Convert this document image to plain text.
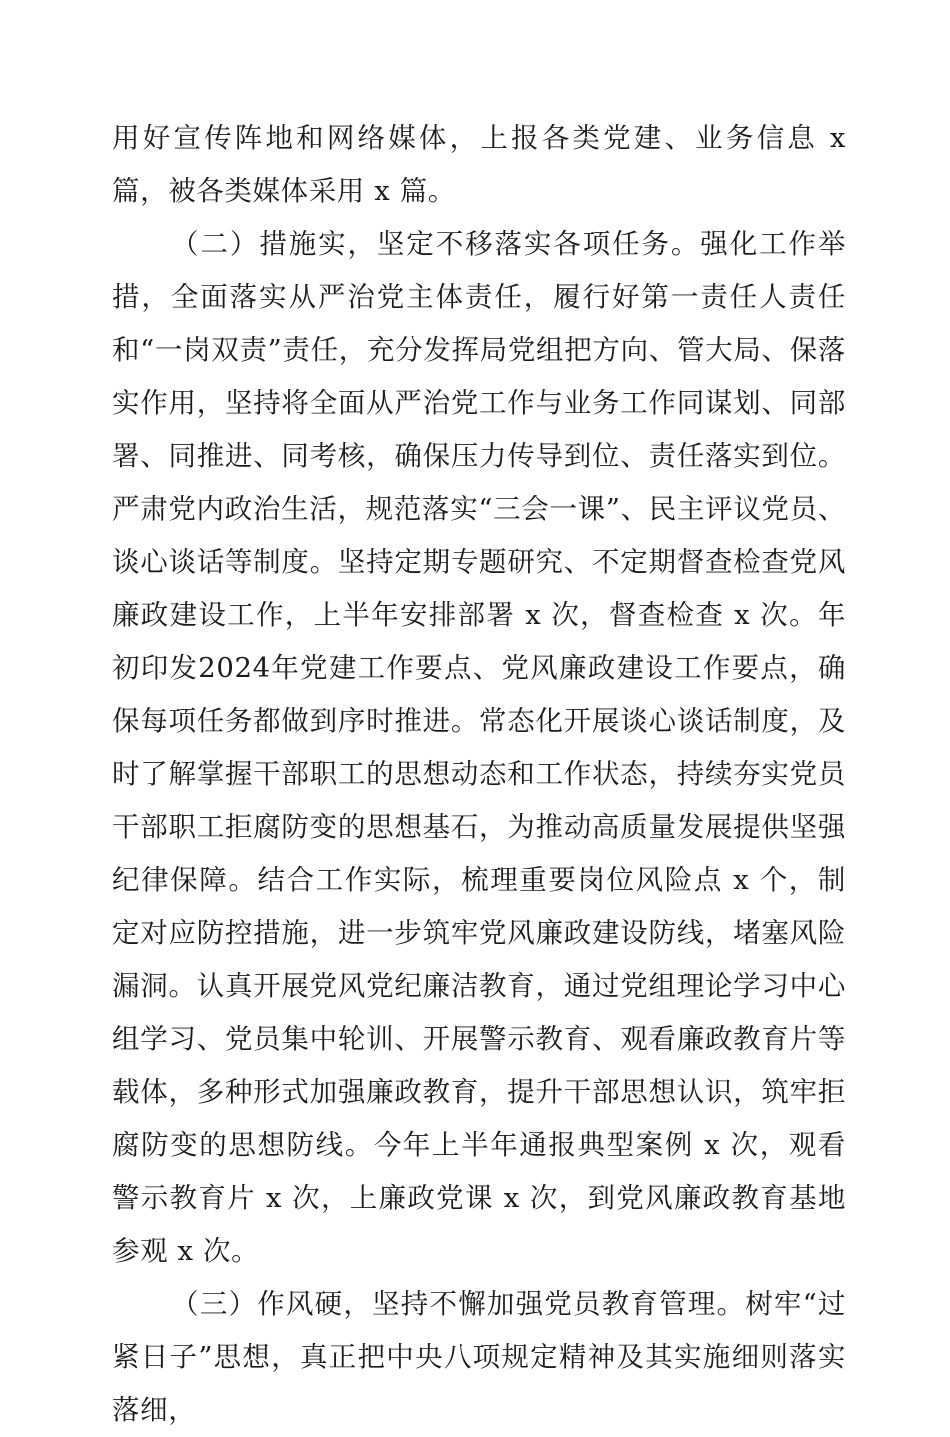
用好宣传阵地和网络媒体，上报各类党建、业务信息 x 篇，被各类媒体采用 x 篇。

（二）措施实，坚定不移落实各项任务。强化工作举措，全面落实从严治党主体责任，履行好第一责任人责任和“一岗双责”责任，充分发挥局党组把方向、管大局、保落实作用，坚持将全面从严治党工作与业务工作同谋划、同部署、同推进、同考核，确保压力传导到位、责任落实到位。严肃党内政治生活，规范落实“三会一课”、民主评议党员、谈心谈话等制度。坚持定期专题研究、不定期督查检查党风廉政建设工作，上半年安排部署 x 次，督查检查 x 次。年初印发2024年党建工作要点、党风廉政建设工作要点，确保每项任务都做到序时推进。常态化开展谈心谈话制度，及时了解掌握干部职工的思想动态和工作状态，持续夯实党员干部职工拒腐防变的思想基石，为推动高质量发展提供坚强纪律保障。结合工作实际，梳理重要岗位风险点 x 个，制定对应防控措施，进一步筑牢党风廉政建设防线，堵塞风险漏洞。认真开展党风党纪廉洁教育，通过党组理论学习中心组学习、党员集中轮训、开展警示教育、观看廉政教育片等载体，多种形式加强廉政教育，提升干部思想认识，筑牢拒腐防变的思想防线。今年上半年通报典型案例 x 次，观看警示教育片 x 次，上廉政党课 x 次，到党风廉政教育基地参观 x 次。

（三）作风硬，坚持不懈加强党员教育管理。树牢“过紧日子”思想，真正把中央八项规定精神及其实施细则落实落细，
